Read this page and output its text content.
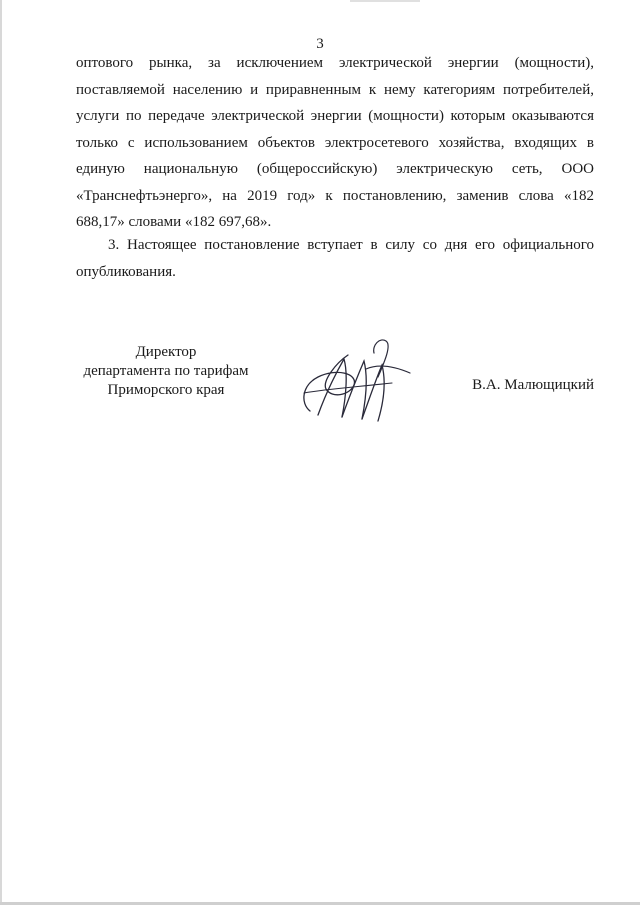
3
оптового рынка, за исключением электрической энергии (мощности),
поставляемой населению и приравненным к нему категориям потребителей,
услуги по передаче электрической энергии (мощности) которым оказываются
только с использованием объектов электросетевого хозяйства, входящих в
единую национальную (общероссийскую) электрическую сеть, ООО
«Транснефтьэнерго», на 2019 год» к постановлению, заменив слова «182
688,17» словами «182 697,68».
3. Настоящее постановление вступает в силу со дня его официального
опубликования.
Директор
департамента по тарифам
Приморского края	В.А. Малющицкий
